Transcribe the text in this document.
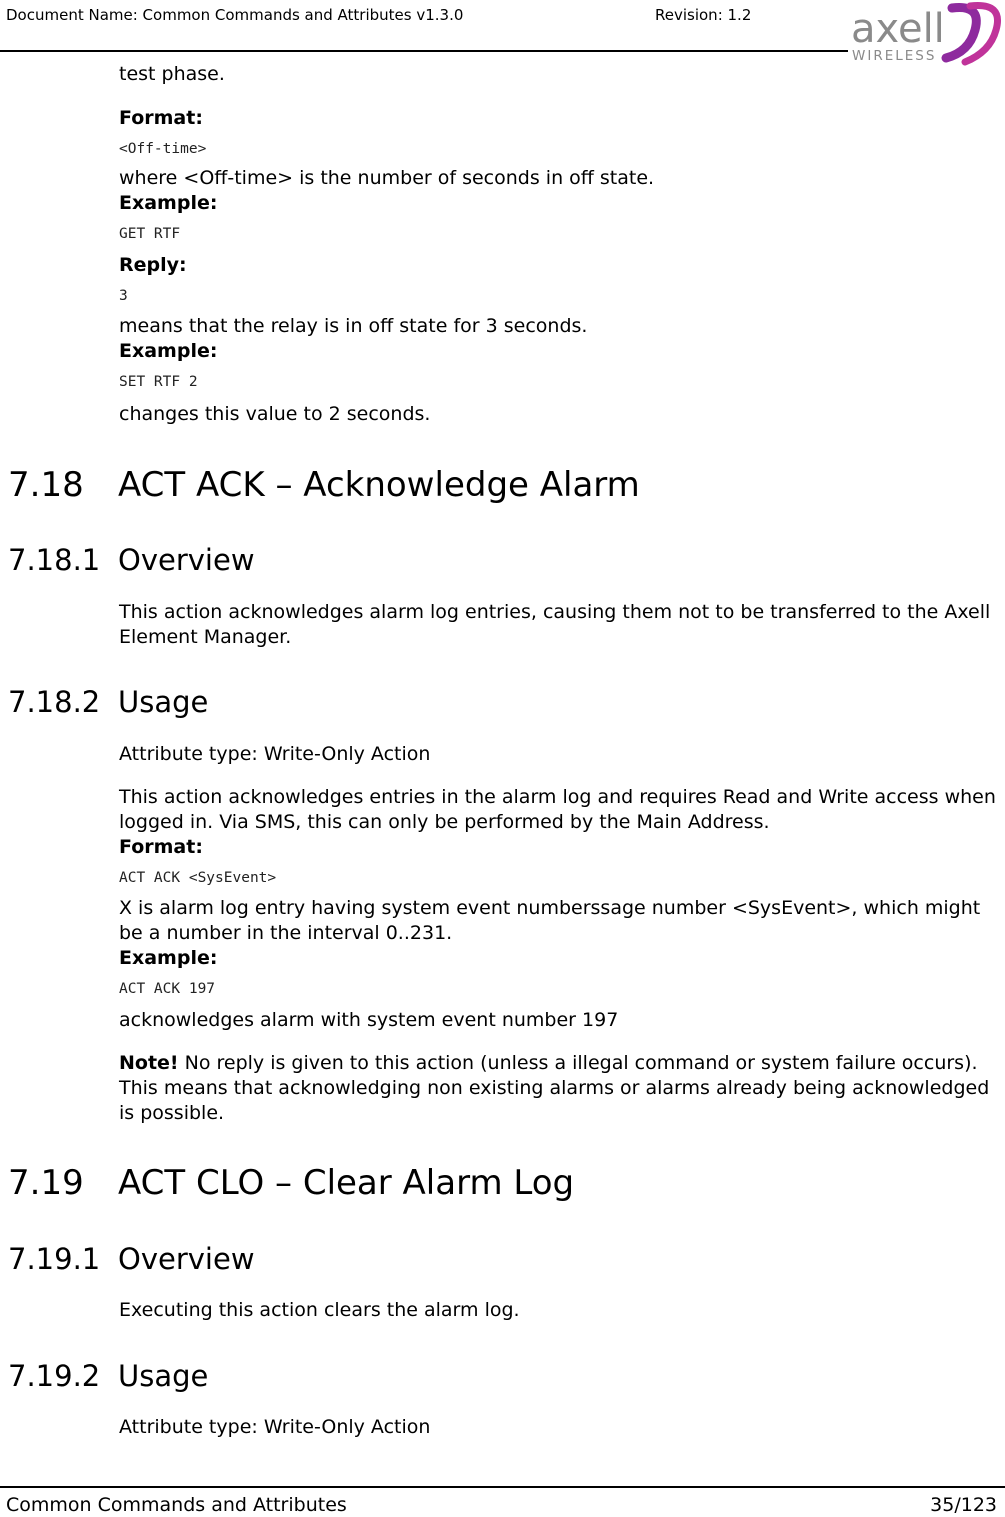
Document Name: Common Commands and Attributes v1.3.0	Revision: 1.2 axell
WIRELESS

test phase.

Format:

<Off-time>

where <Off-time> is the number of seconds in off state.

Example:

GET RTF

Reply:

3

means that the relay is in off state for 3 seconds.

Example:

SET RTF 2

changes this value to 2 seconds.

7.18 ACT ACK – Acknowledge Alarm
7.18.1 Overview

This action acknowledges alarm log entries, causing them not to be transferred to the Axell Element Manager.

7.18.2 Usage

Attribute type: Write-Only Action

This action acknowledges entries in the alarm log and requires Read and Write access when logged in. Via SMS, this can only be performed by the Main Address.

Format:

ACT ACK <SysEvent>

X is alarm log entry having system event numberssage number <SysEvent>, which might be a number in the interval 0..231.

Example:

ACT ACK 197

acknowledges alarm with system event number 197

Note! No reply is given to this action (unless a illegal command or system failure occurs). This means that acknowledging non existing alarms or alarms already being acknowledged is possible.

7.19 ACT CLO – Clear Alarm Log
7.19.1 Overview

Executing this action clears the alarm log.

7.19.2 Usage

Attribute type: Write-Only Action

Common Commands and Attributes	35/123
